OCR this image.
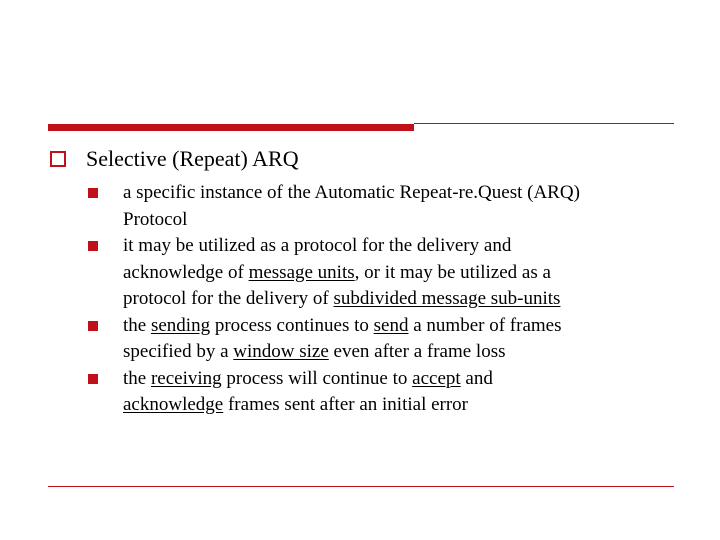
Selective (Repeat) ARQ
a specific instance of the Automatic Repeat-re.Quest (ARQ)
Protocol
it may be utilized as a protocol for the delivery and
acknowledge of message units, or it may be utilized as a
protocol for the delivery of subdivided message sub-units
the sending process continues to send a number of frames
specified by a window size even after a frame loss
the receiving process will continue to accept and
acknowledge frames sent after an initial error
